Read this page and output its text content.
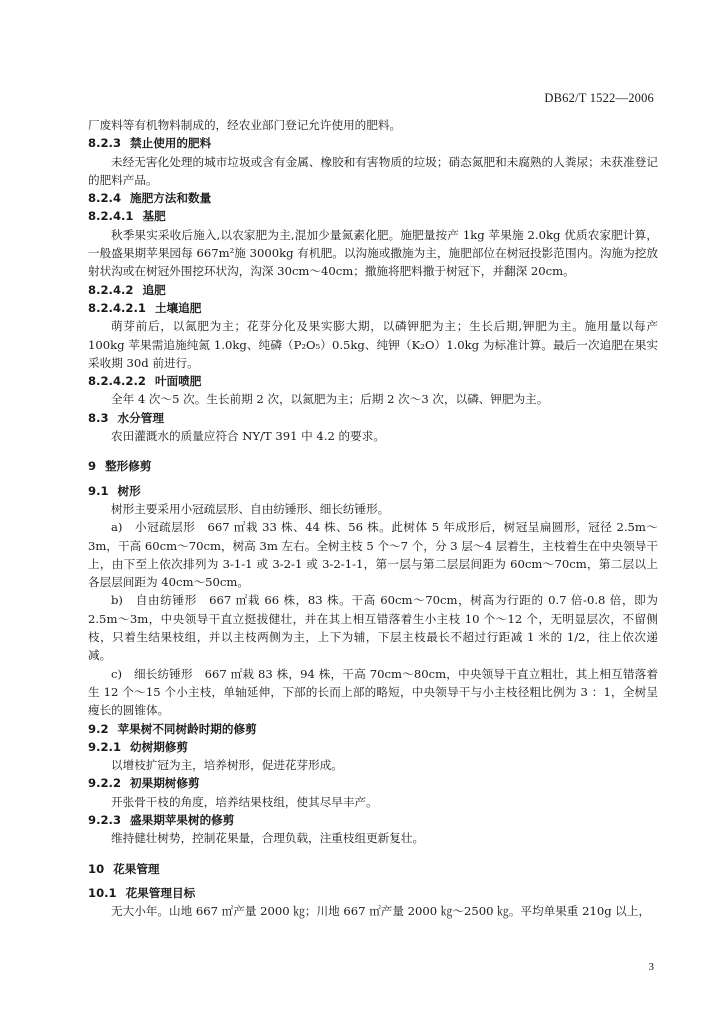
DB62/T 1522—2006
厂废料等有机物料制成的，经农业部门登记允许使用的肥料。
8.2.3 禁止使用的肥料
未经无害化处理的城市垃圾或含有金属、橡胶和有害物质的垃圾；硝态氮肥和未腐熟的人粪尿；未获准登记的肥料产品。
8.2.4 施肥方法和数量
8.2.4.1 基肥
秋季果实采收后施入,以农家肥为主,混加少量氮素化肥。施肥量按产 1kg 苹果施 2.0kg 优质农家肥计算，一般盛果期苹果园每 667m²施 3000kg 有机肥。以沟施或撒施为主，施肥部位在树冠投影范围内。沟施为挖放射状沟或在树冠外围挖环状沟，沟深 30cm～40cm；撒施将肥料撒于树冠下，并翻深 20cm。
8.2.4.2 追肥
8.2.4.2.1 土壤追肥
萌芽前后，以氮肥为主；花芽分化及果实膨大期，以磷钾肥为主；生长后期,钾肥为主。施用量以每产 100kg 苹果需追施纯氮 1.0kg、纯磷（P₂O₅）0.5kg、纯钾（K₂O）1.0kg 为标准计算。最后一次追肥在果实采收期 30d 前进行。
8.2.4.2.2 叶面喷肥
全年 4 次～5 次。生长前期 2 次，以氮肥为主；后期 2 次～3 次，以磷、钾肥为主。
8.3 水分管理
农田灌溉水的质量应符合 NY/T 391 中 4.2 的要求。
9 整形修剪
9.1 树形
树形主要采用小冠疏层形、自由纺锤形、细长纺锤形。
a)　小冠疏层形　667 ㎡栽 33 株、44 株、56 株。此树体 5 年成形后，树冠呈扁圆形，冠径 2.5m～3m，干高 60cm～70cm，树高 3m 左右。全树主枝 5 个～7 个，分 3 层～4 层着生，主枝着生在中央领导干上，由下至上依次排列为 3-1-1 或 3-2-1 或 3-2-1-1，第一层与第二层层间距为 60cm～70cm，第二层以上各层层间距为 40cm～50cm。
b)　自由纺锤形　667 ㎡栽 66 株，83 株。干高 60cm～70cm，树高为行距的 0.7 倍-0.8 倍，即为 2.5m～3m，中央领导干直立挺拔健壮，并在其上相互错落着生小主枝 10 个～12 个，无明显层次，不留侧枝，只着生结果枝组，并以主枝两侧为主，上下为辅，下层主枝最长不超过行距减 1 米的 1/2，往上依次递减。
c)　细长纺锤形　667 ㎡栽 83 株，94 株，干高 70cm～80cm，中央领导干直立粗壮，其上相互错落着生 12 个～15 个小主枝，单轴延伸，下部的长而上部的略短，中央领导干与小主枝径粗比例为 3 ：1，全树呈瘦长的圆锥体。
9.2 苹果树不同树龄时期的修剪
9.2.1 幼树期修剪
以增枝扩冠为主，培养树形，促进花芽形成。
9.2.2 初果期树修剪
开张骨干枝的角度，培养结果枝组，使其尽早丰产。
9.2.3 盛果期苹果树的修剪
维持健壮树势，控制花果量，合理负载，注重枝组更新复壮。
10 花果管理
10.1 花果管理目标
无大小年。山地 667 ㎡产量 2000 ㎏；川地 667 ㎡产量 2000 ㎏～2500 ㎏。平均单果重 210g 以上，
3
